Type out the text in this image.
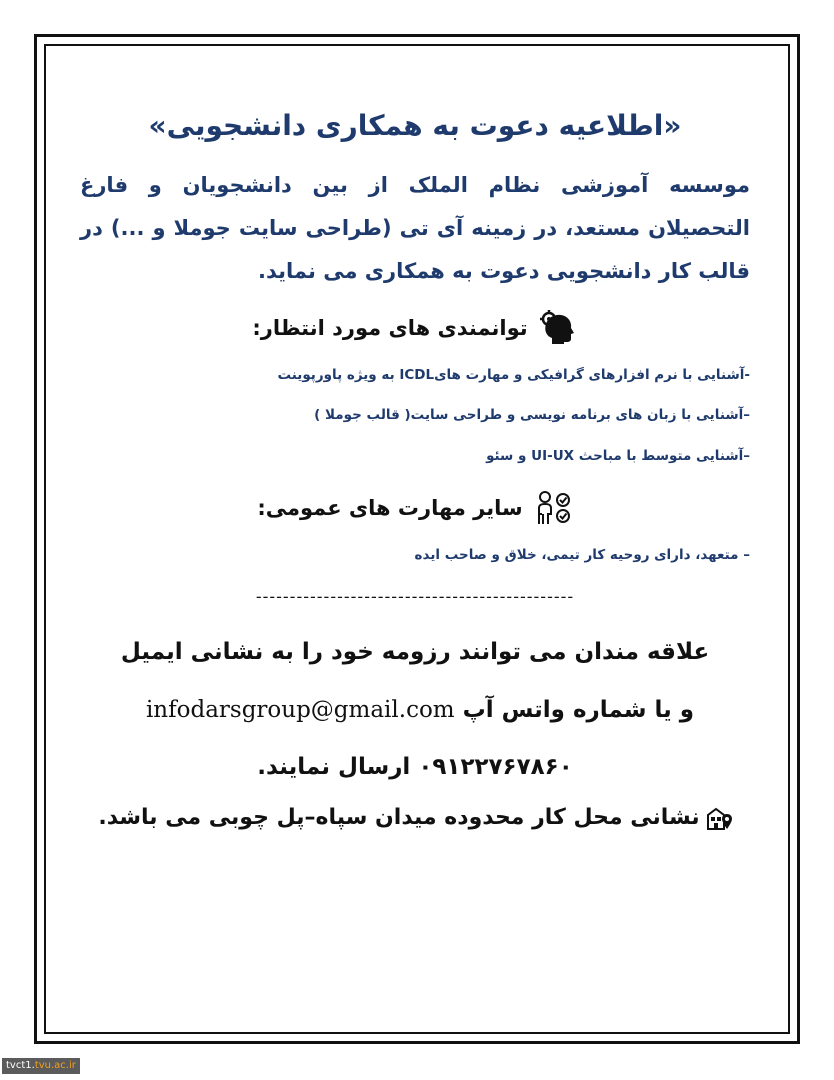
«اطلاعیه دعوت به همکاری دانشجویی»

موسسه آموزشی نظام الملک از بین دانشجویان و فارغ التحصیلان مستعد، در زمینه آی تی (طراحی سایت جوملا و ...) در قالب کار دانشجویی دعوت به همکاری می نماید.

توانمندی های مورد انتظار:

-آشنایی با نرم افزارهای گرافیکی و مهارت هایICDL به ویژه پاورپوینت

–آشنایی با زبان های برنامه نویسی و طراحی سایت( قالب جوملا )

–آشنایی متوسط با مباحث UI-UX و سئو

سایر مهارت های عمومی:

– متعهد، دارای روحیه کار تیمی، خلاق و صاحب ایده

-----------------------------------------------
علاقه مندان می توانند رزومه خود را به نشانی ایمیل
و یا شماره واتس آپ infodarsgroup@gmail.com
۰۹۱۲۲۷۶۷۸۶۰ ارسال نمایند.
نشانی محل کار محدوده میدان سپاه–پل چوبی می باشد.
tvct1.tvu.ac.ir
